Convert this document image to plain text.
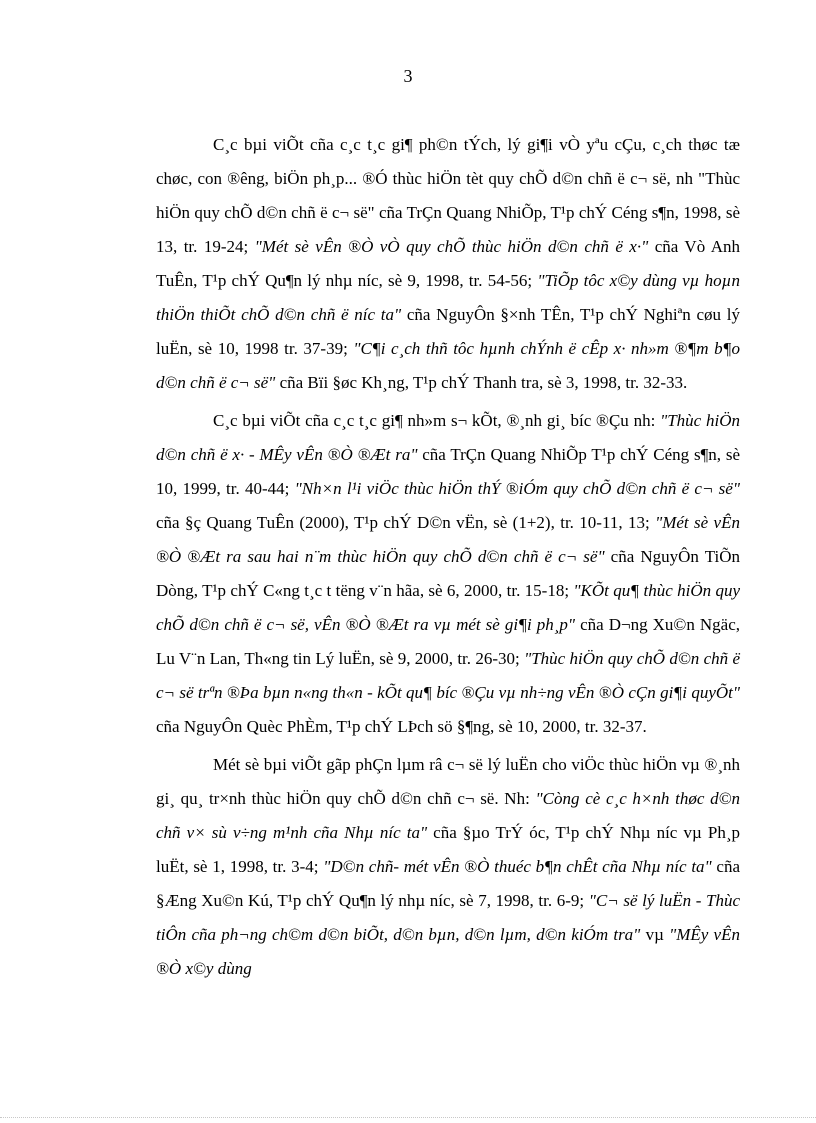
3

C¸c bµi viÕt cña c¸c t¸c gi¶ ph©n tÝch, lý gi¶i vÒ yªu cÇu, c¸ch thøc tæ chøc, con ®êng, biÖn ph¸p... ®Ó thùc hiÖn tèt quy chÕ d©n chñ ë c¬ së, nh "Thùc hiÖn quy chÕ d©n chñ ë c¬ së" cña TrÇn Quang NhiÕp, T¹p chÝ Céng s¶n, 1998, sè 13, tr. 19-24; "Mét sè vÊn ®Ò vÒ quy chÕ thùc hiÖn d©n chñ ë x·" cña Vò Anh TuÊn, T¹p chÝ Qu¶n lý nhµ níc, sè 9, 1998, tr. 54-56; "TiÕp tôc x©y dùng vµ hoµn thiÖn thiÕt chÕ d©n chñ ë níc ta" cña NguyÔn §×nh TÊn, T¹p chÝ Nghiªn cøu lý luËn, sè 10, 1998 tr. 37-39; "C¶i c¸ch thñ tôc hµnh chÝnh ë cÊp x· nh»m ®¶m b¶o d©n chñ ë c¬ së" cña Bïi §øc Kh¸ng, T¹p chÝ Thanh tra, sè 3, 1998, tr. 32-33.

C¸c bµi viÕt cña c¸c t¸c gi¶ nh»m s¬ kÕt, ®¸nh gi¸ bíc ®Çu nh: "Thùc hiÖn d©n chñ ë x· - MÊy vÊn ®Ò ®Æt ra" cña TrÇn Quang NhiÕp T¹p chÝ Céng s¶n, sè 10, 1999, tr. 40-44; "Nh×n l¹i viÖc thùc hiÖn thÝ ®iÓm quy chÕ d©n chñ ë c¬ së" cña §ç Quang TuÊn (2000), T¹p chÝ D©n vËn, sè (1+2), tr. 10-11, 13; "Mét sè vÊn ®Ò ®Æt ra sau hai n¨m thùc hiÖn quy chÕ d©n chñ ë c¬ së" cña NguyÔn TiÕn Dòng, T¹p chÝ C«ng t¸c t tëng v¨n hãa, sè 6, 2000, tr. 15-18; "KÕt qu¶ thùc hiÖn quy chÕ d©n chñ ë c¬ së, vÊn ®Ò ®Æt ra vµ mét sè gi¶i ph¸p" cña D¬ng Xu©n Ngäc, Lu V¨n Lan, Th«ng tin Lý luËn, sè 9, 2000, tr. 26-30; "Thùc hiÖn quy chÕ d©n chñ ë c¬ së trªn ®Þa bµn n«ng th«n - kÕt qu¶ bíc ®Çu vµ nh÷ng vÊn ®Ò cÇn gi¶i quyÕt" cña NguyÔn Quèc PhÈm, T¹p chÝ LÞch sö §¶ng, sè 10, 2000, tr. 32-37.

Mét sè bµi viÕt gãp phÇn lµm râ c¬ së lý luËn cho viÖc thùc hiÖn vµ ®¸nh gi¸ qu¸ tr×nh thùc hiÖn quy chÕ d©n chñ c¬ së. Nh: "Còng cè c¸c h×nh thøc d©n chñ v× sù v÷ng m¹nh cña Nhµ níc ta" cña §µo TrÝ óc, T¹p chÝ Nhµ níc vµ Ph¸p luËt, sè 1, 1998, tr. 3-4; "D©n chñ- mét vÊn ®Ò thuéc b¶n chÊt cña Nhµ níc ta" cña §Æng Xu©n Kú, T¹p chÝ Qu¶n lý nhµ níc, sè 7, 1998, tr. 6-9; "C¬ së lý luËn - Thùc tiÔn cña ph¬ng ch©m d©n biÕt, d©n bµn, d©n lµm, d©n kiÓm tra" vµ "MÊy vÊn ®Ò x©y dùng
